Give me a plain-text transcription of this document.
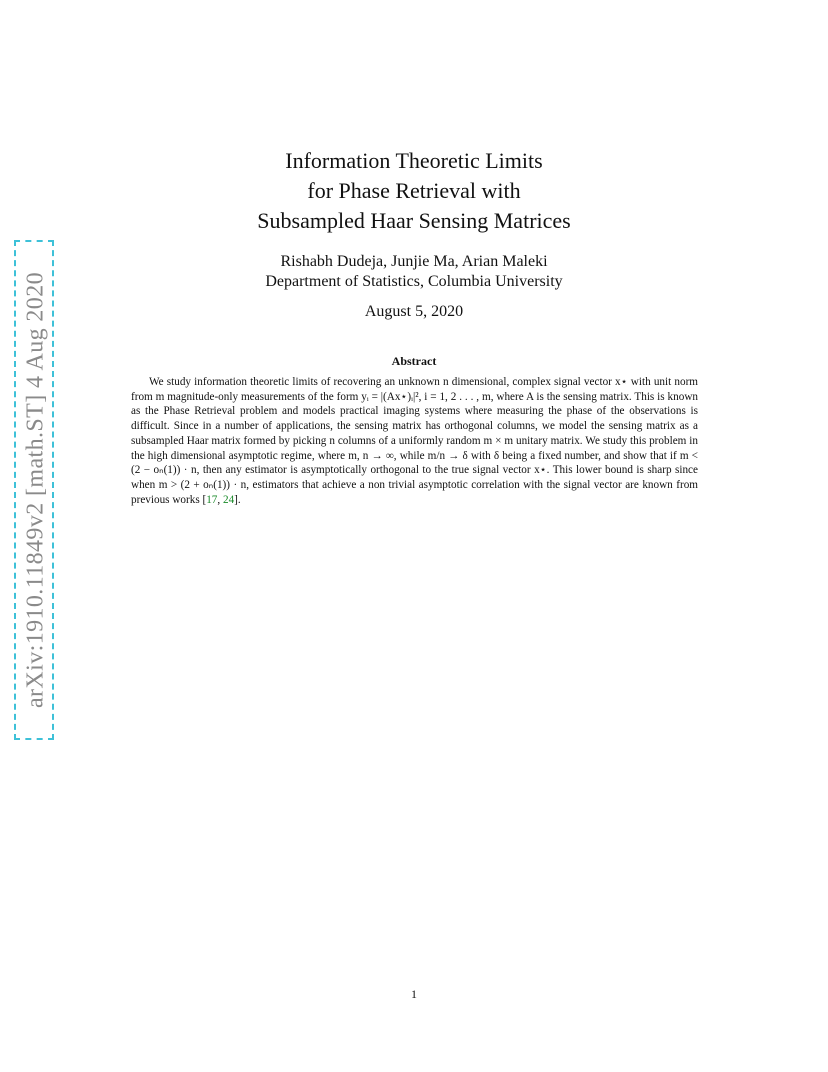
arXiv:1910.11849v2 [math.ST] 4 Aug 2020
Information Theoretic Limits
for Phase Retrieval with
Subsampled Haar Sensing Matrices
Rishabh Dudeja, Junjie Ma, Arian Maleki
Department of Statistics, Columbia University
August 5, 2020
Abstract

We study information theoretic limits of recovering an unknown n dimensional, complex signal vector x⋆ with unit norm from m magnitude-only measurements of the form yᵢ = |(Ax⋆)ᵢ|², i = 1, 2 . . . , m, where A is the sensing matrix. This is known as the Phase Retrieval problem and models practical imaging systems where measuring the phase of the observations is difficult. Since in a number of applications, the sensing matrix has orthogonal columns, we model the sensing matrix as a subsampled Haar matrix formed by picking n columns of a uniformly random m × m unitary matrix. We study this problem in the high dimensional asymptotic regime, where m, n → ∞, while m/n → δ with δ being a fixed number, and show that if m < (2 − oₙ(1)) · n, then any estimator is asymptotically orthogonal to the true signal vector x⋆. This lower bound is sharp since when m > (2 + oₙ(1)) · n, estimators that achieve a non trivial asymptotic correlation with the signal vector are known from previous works [17, 24].

1
